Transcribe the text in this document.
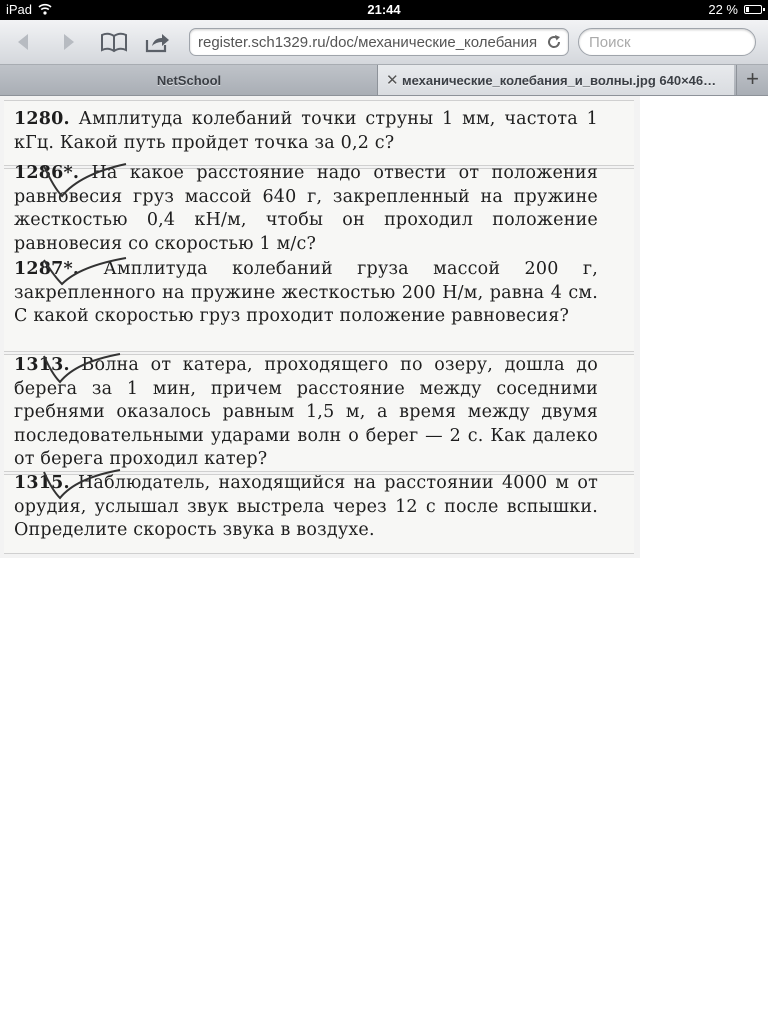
iPad	21:44	22 %
register.sch1329.ru/doc/механические_колебания	Поиск
NetSchool	✕ механические_колебания_и_волны.jpg 640×46…	+
1280. Амплитуда колебаний точки струны 1 мм, частота 1 кГц. Какой путь пройдет точка за 0,2 с?
1286*. На какое расстояние надо отвести от положения равновесия груз массой 640 г, закрепленный на пружине жесткостью 0,4 кН/м, чтобы он проходил положение равновесия со скоростью 1 м/с?
1287*. Амплитуда колебаний груза массой 200 г, закрепленного на пружине жесткостью 200 Н/м, равна 4 см. С какой скоростью груз проходит положение равновесия?
1313. Волна от катера, проходящего по озеру, дошла до берега за 1 мин, причем расстояние между соседними гребнями оказалось равным 1,5 м, а время между двумя последовательными ударами волн о берег — 2 с. Как далеко от берега проходил катер?
1315. Наблюдатель, находящийся на расстоянии 4000 м от орудия, услышал звук выстрела через 12 с после вспышки. Определите скорость звука в воздухе.
